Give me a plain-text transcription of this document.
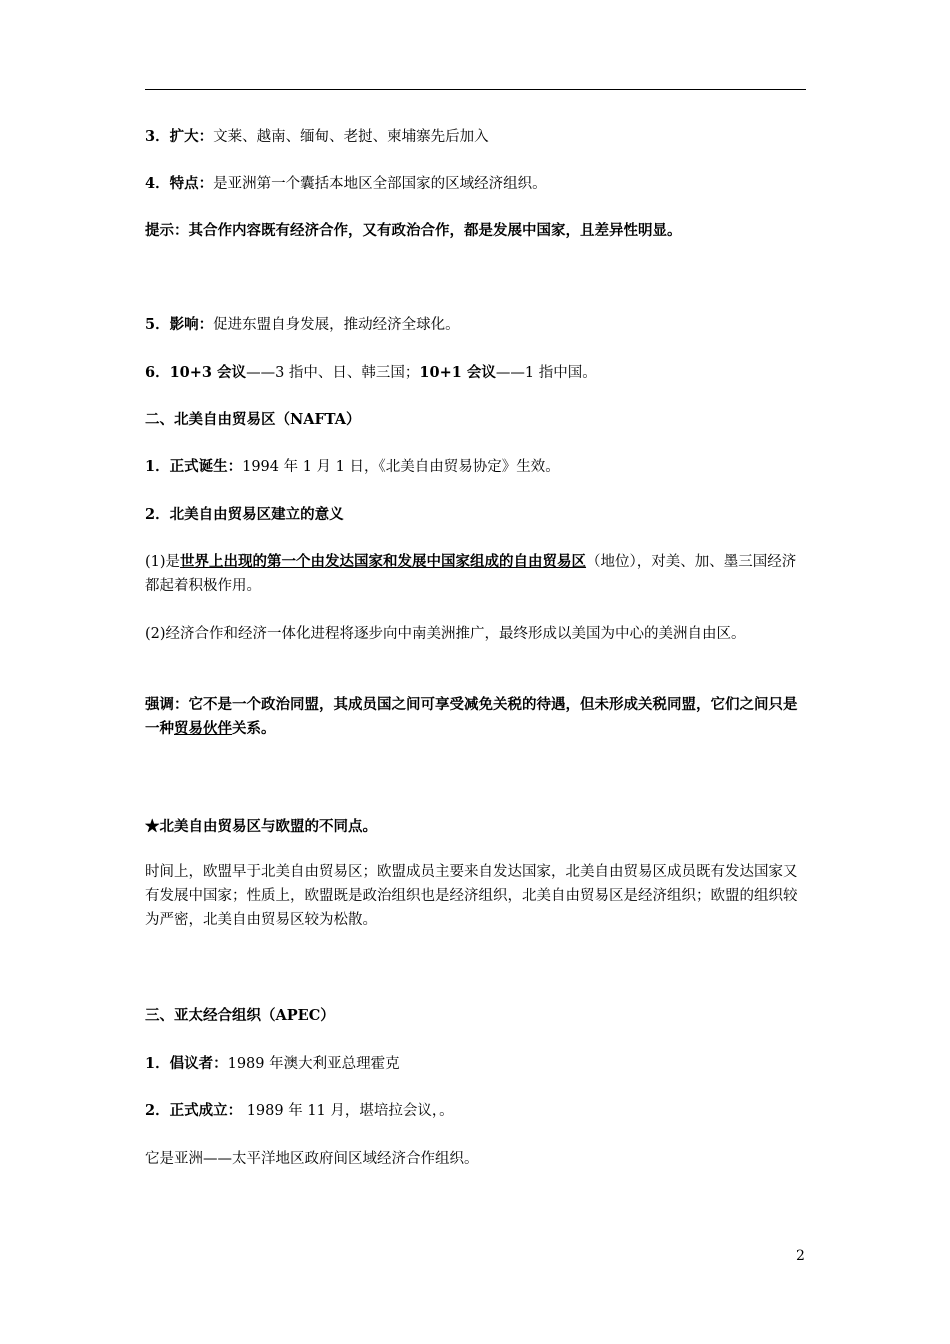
3．扩大：文莱、越南、缅甸、老挝、柬埔寨先后加入
4．特点：是亚洲第一个囊括本地区全部国家的区域经济组织。
提示：其合作内容既有经济合作，又有政治合作，都是发展中国家，且差异性明显。
5．影响：促进东盟自身发展，推动经济全球化。
6．10+3 会议——3 指中、日、韩三国；10+1 会议——1 指中国。
二、北美自由贸易区（NAFTA）
1．正式诞生：1994 年 1 月 1 日，《北美自由贸易协定》生效。
2．北美自由贸易区建立的意义
(1)是世界上出现的第一个由发达国家和发展中国家组成的自由贸易区（地位），对美、加、墨三国经济都起着积极作用。
(2)经济合作和经济一体化进程将逐步向中南美洲推广，最终形成以美国为中心的美洲自由区。
强调：它不是一个政治同盟，其成员国之间可享受减免关税的待遇，但未形成关税同盟，它们之间只是一种贸易伙伴关系。
★北美自由贸易区与欧盟的不同点。
时间上，欧盟早于北美自由贸易区；欧盟成员主要来自发达国家，北美自由贸易区成员既有发达国家又有发展中国家；性质上，欧盟既是政治组织也是经济组织，北美自由贸易区是经济组织；欧盟的组织较为严密，北美自由贸易区较为松散。
三、亚太经合组织（APEC）
1．倡议者：1989 年澳大利亚总理霍克
2．正式成立： 1989 年 11 月，堪培拉会议，。
它是亚洲——太平洋地区政府间区域经济合作组织。
2
